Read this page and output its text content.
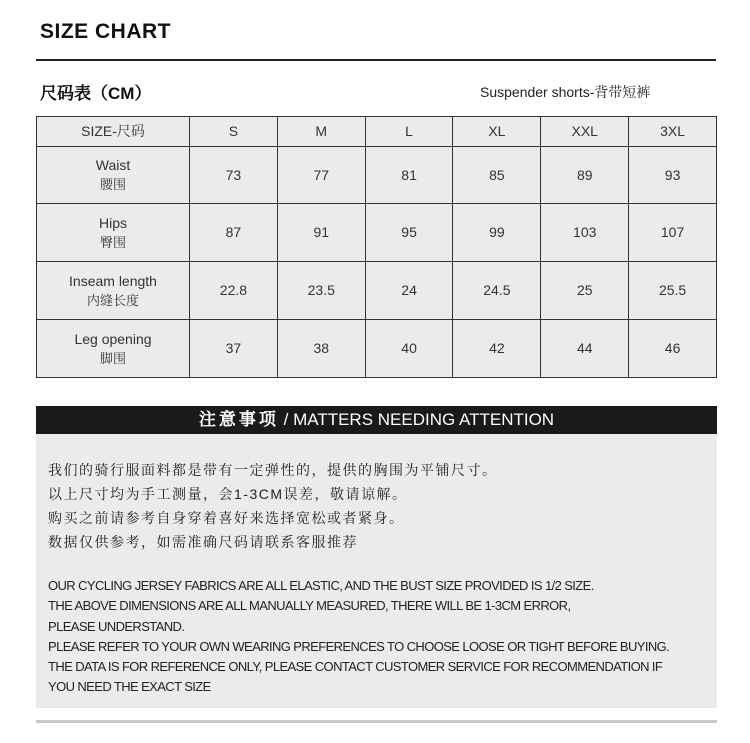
SIZE CHART
尺码表（CM）	Suspender shorts-背带短裤
SIZE-尺码	S	M	L	XL	XXL	3XL
Waist
腰围	73	77	81	85	89	93
Hips
臀围	87	91	95	99	103	107
Inseam length
内缝长度	22.8	23.5	24	24.5	25	25.5
Leg opening
脚围	37	38	40	42	44	46
注意事项 / MATTERS NEEDING ATTENTION
我们的骑行服面料都是带有一定弹性的，提供的胸围为平铺尺寸。
以上尺寸均为手工测量，会1-3CM误差，敬请谅解。
购买之前请参考自身穿着喜好来选择宽松或者紧身。
数据仅供参考，如需准确尺码请联系客服推荐
OUR CYCLING JERSEY FABRICS ARE ALL ELASTIC, AND THE BUST SIZE PROVIDED IS 1/2 SIZE.
THE ABOVE DIMENSIONS ARE ALL MANUALLY MEASURED, THERE WILL BE 1-3CM ERROR,
PLEASE UNDERSTAND.
PLEASE REFER TO YOUR OWN WEARING PREFERENCES TO CHOOSE LOOSE OR TIGHT BEFORE BUYING.
THE DATA IS FOR REFERENCE ONLY, PLEASE CONTACT CUSTOMER SERVICE FOR RECOMMENDATION IF
YOU NEED THE EXACT SIZE
